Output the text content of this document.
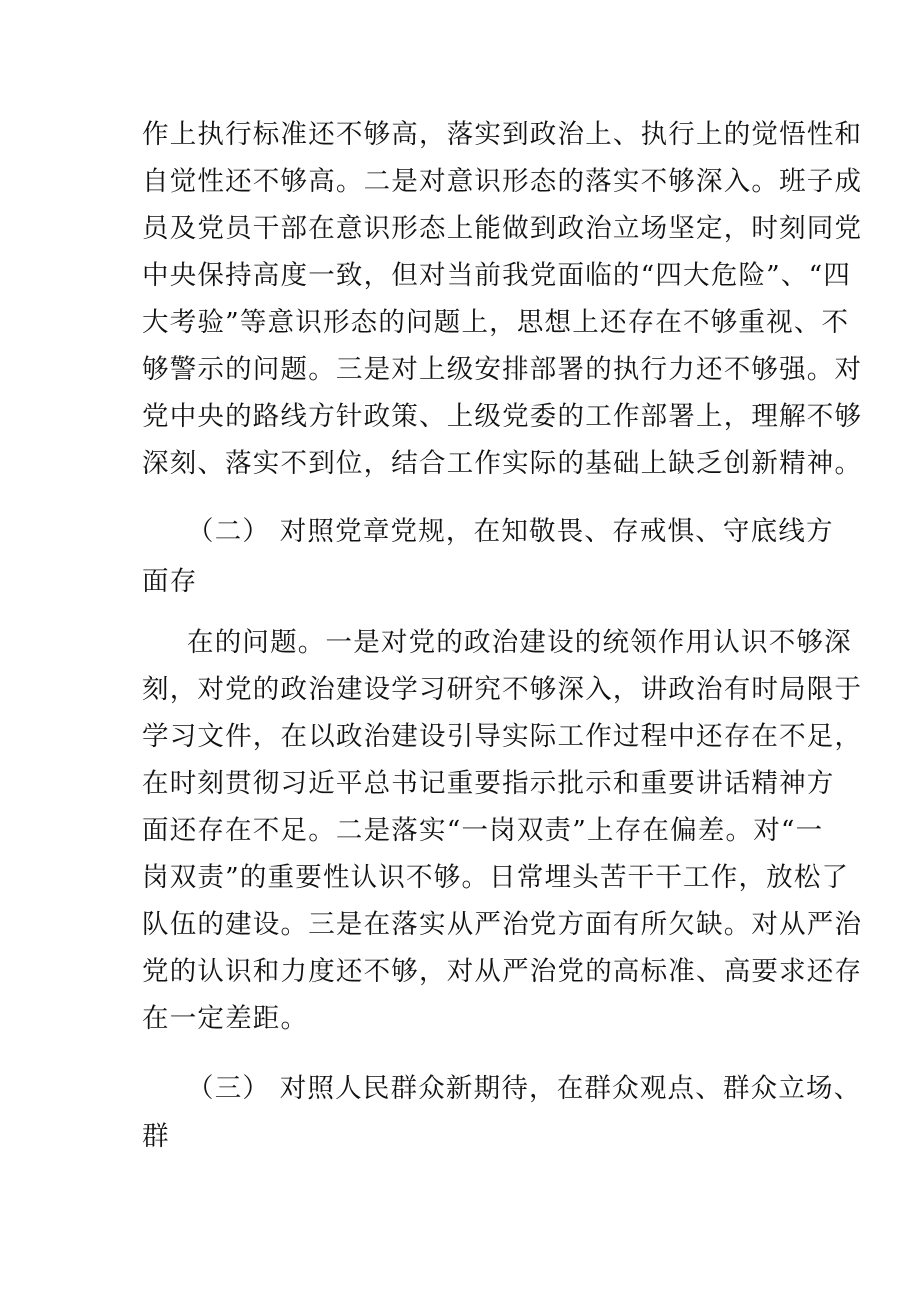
作上执行标准还不够高，落实到政治上、执行上的觉悟性和
自觉性还不够高。二是对意识形态的落实不够深入。班子成
员及党员干部在意识形态上能做到政治立场坚定，时刻同党
中央保持高度一致，但对当前我党面临的“四大危险”、“四
大考验”等意识形态的问题上，思想上还存在不够重视、不
够警示的问题。三是对上级安排部署的执行力还不够强。对
党中央的路线方针政策、上级党委的工作部署上，理解不够
深刻、落实不到位，结合工作实际的基础上缺乏创新精神。
（二） 对照党章党规，在知敬畏、存戒惧、守底线方
面存
在的问题。一是对党的政治建设的统领作用认识不够深
刻，对党的政治建设学习研究不够深入，讲政治有时局限于
学习文件，在以政治建设引导实际工作过程中还存在不足，
在时刻贯彻习近平总书记重要指示批示和重要讲话精神方
面还存在不足。二是落实“一岗双责”上存在偏差。对“一
岗双责”的重要性认识不够。日常埋头苦干干工作，放松了
队伍的建设。三是在落实从严治党方面有所欠缺。对从严治
党的认识和力度还不够，对从严治党的高标准、高要求还存
在一定差距。
（三） 对照人民群众新期待，在群众观点、群众立场、
群
